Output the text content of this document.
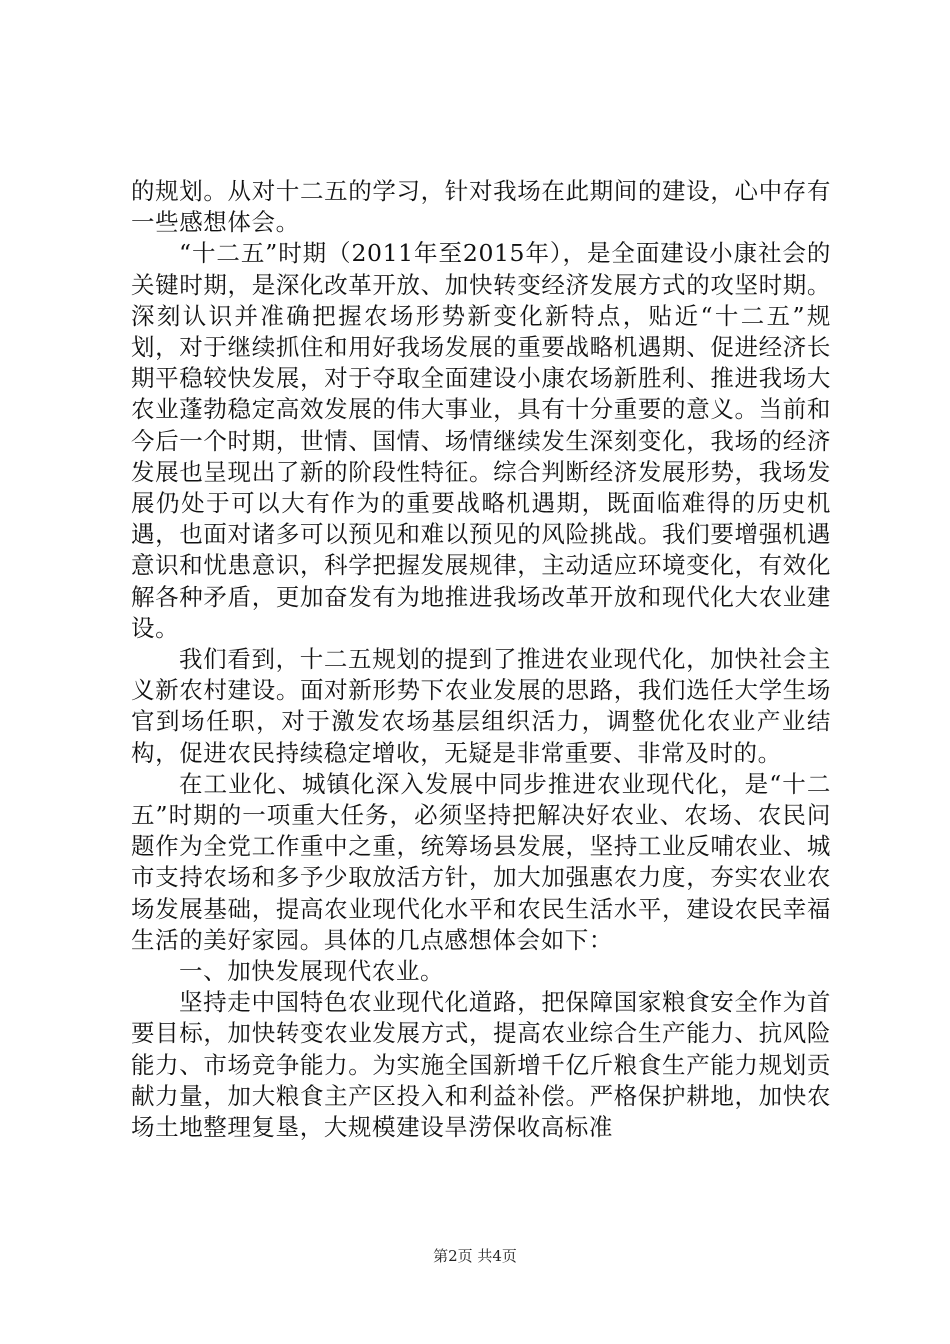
的规划。从对十二五的学习，针对我场在此期间的建设，心中存有一些感想体会。

“十二五”时期（2011年至2015年），是全面建设小康社会的关键时期，是深化改革开放、加快转变经济发展方式的攻坚时期。深刻认识并准确把握农场形势新变化新特点，贴近“十二五”规划，对于继续抓住和用好我场发展的重要战略机遇期、促进经济长期平稳较快发展，对于夺取全面建设小康农场新胜利、推进我场大农业蓬勃稳定高效发展的伟大事业，具有十分重要的意义。当前和今后一个时期，世情、国情、场情继续发生深刻变化，我场的经济发展也呈现出了新的阶段性特征。综合判断经济发展形势，我场发展仍处于可以大有作为的重要战略机遇期，既面临难得的历史机遇，也面对诸多可以预见和难以预见的风险挑战。我们要增强机遇意识和忧患意识，科学把握发展规律，主动适应环境变化，有效化解各种矛盾，更加奋发有为地推进我场改革开放和现代化大农业建设。

我们看到，十二五规划的提到了推进农业现代化，加快社会主义新农村建设。面对新形势下农业发展的思路，我们选任大学生场官到场任职，对于激发农场基层组织活力，调整优化农业产业结构，促进农民持续稳定增收，无疑是非常重要、非常及时的。

在工业化、城镇化深入发展中同步推进农业现代化，是“十二五”时期的一项重大任务，必须坚持把解决好农业、农场、农民问题作为全党工作重中之重，统筹场县发展，坚持工业反哺农业、城市支持农场和多予少取放活方针，加大加强惠农力度，夯实农业农场发展基础，提高农业现代化水平和农民生活水平，建设农民幸福生活的美好家园。具体的几点感想体会如下：

一、加快发展现代农业。

坚持走中国特色农业现代化道路，把保障国家粮食安全作为首要目标，加快转变农业发展方式，提高农业综合生产能力、抗风险能力、市场竞争能力。为实施全国新增千亿斤粮食生产能力规划贡献力量，加大粮食主产区投入和利益补偿。严格保护耕地，加快农场土地整理复垦，大规模建设旱涝保收高标准

第2页 共4页
